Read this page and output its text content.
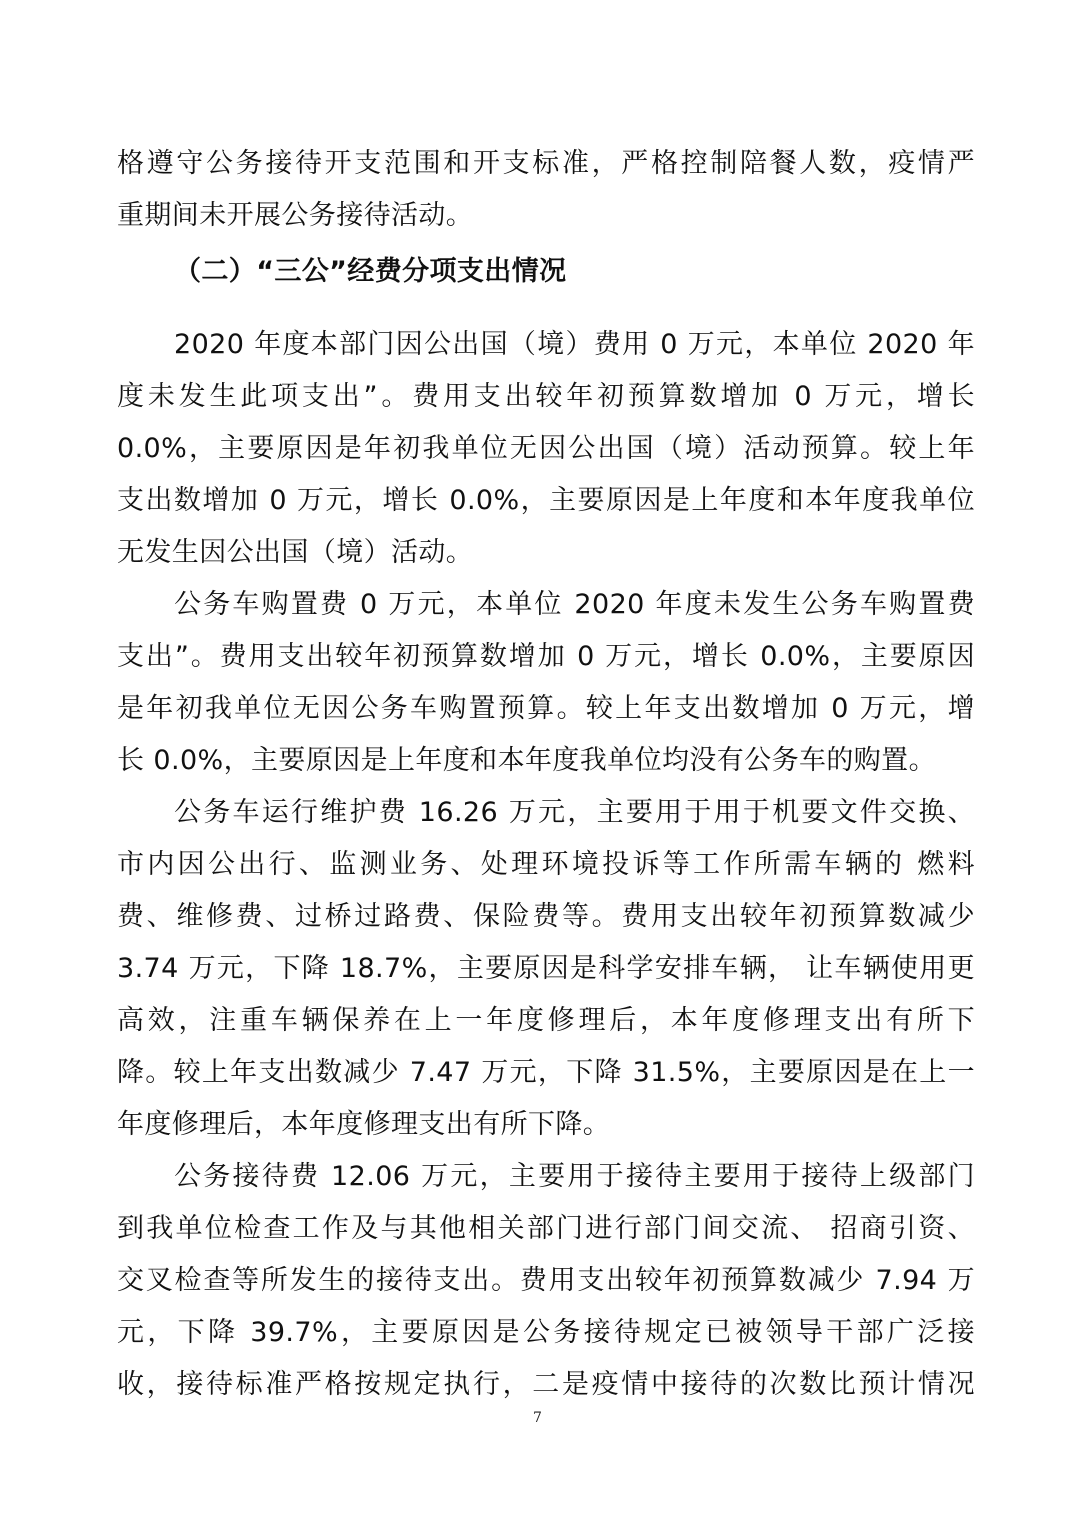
格遵守公务接待开支范围和开支标准，严格控制陪餐人数，疫情严
重期间未开展公务接待活动。
（二）“三公”经费分项支出情况
2020 年度本部门因公出国（境）费用 0 万元，本单位 2020 年
度未发生此项支出”。费用支出较年初预算数增加 0 万元，增长
0.0%，主要原因是年初我单位无因公出国（境）活动预算。较上年
支出数增加 0 万元，增长 0.0%，主要原因是上年度和本年度我单位
无发生因公出国（境）活动。
公务车购置费 0 万元，本单位 2020 年度未发生公务车购置费
支出”。费用支出较年初预算数增加 0 万元，增长 0.0%，主要原因
是年初我单位无因公务车购置预算。较上年支出数增加 0 万元，增
长 0.0%，主要原因是上年度和本年度我单位均没有公务车的购置。
公务车运行维护费 16.26 万元，主要用于用于机要文件交换、
市内因公出行、监测业务、处理环境投诉等工作所需车辆的 燃料
费、维修费、过桥过路费、保险费等。费用支出较年初预算数减少
3.74 万元，下降 18.7%，主要原因是科学安排车辆， 让车辆使用更
高效，注重车辆保养在上一年度修理后，本年度修理支出有所下
降。较上年支出数减少 7.47 万元，下降 31.5%，主要原因是在上一
年度修理后，本年度修理支出有所下降。
公务接待费 12.06 万元，主要用于接待主要用于接待上级部门
到我单位检查工作及与其他相关部门进行部门间交流、 招商引资、
交叉检查等所发生的接待支出。费用支出较年初预算数减少 7.94 万
元，下降 39.7%，主要原因是公务接待规定已被领导干部广泛接
收，接待标准严格按规定执行，二是疫情中接待的次数比预计情况
7
